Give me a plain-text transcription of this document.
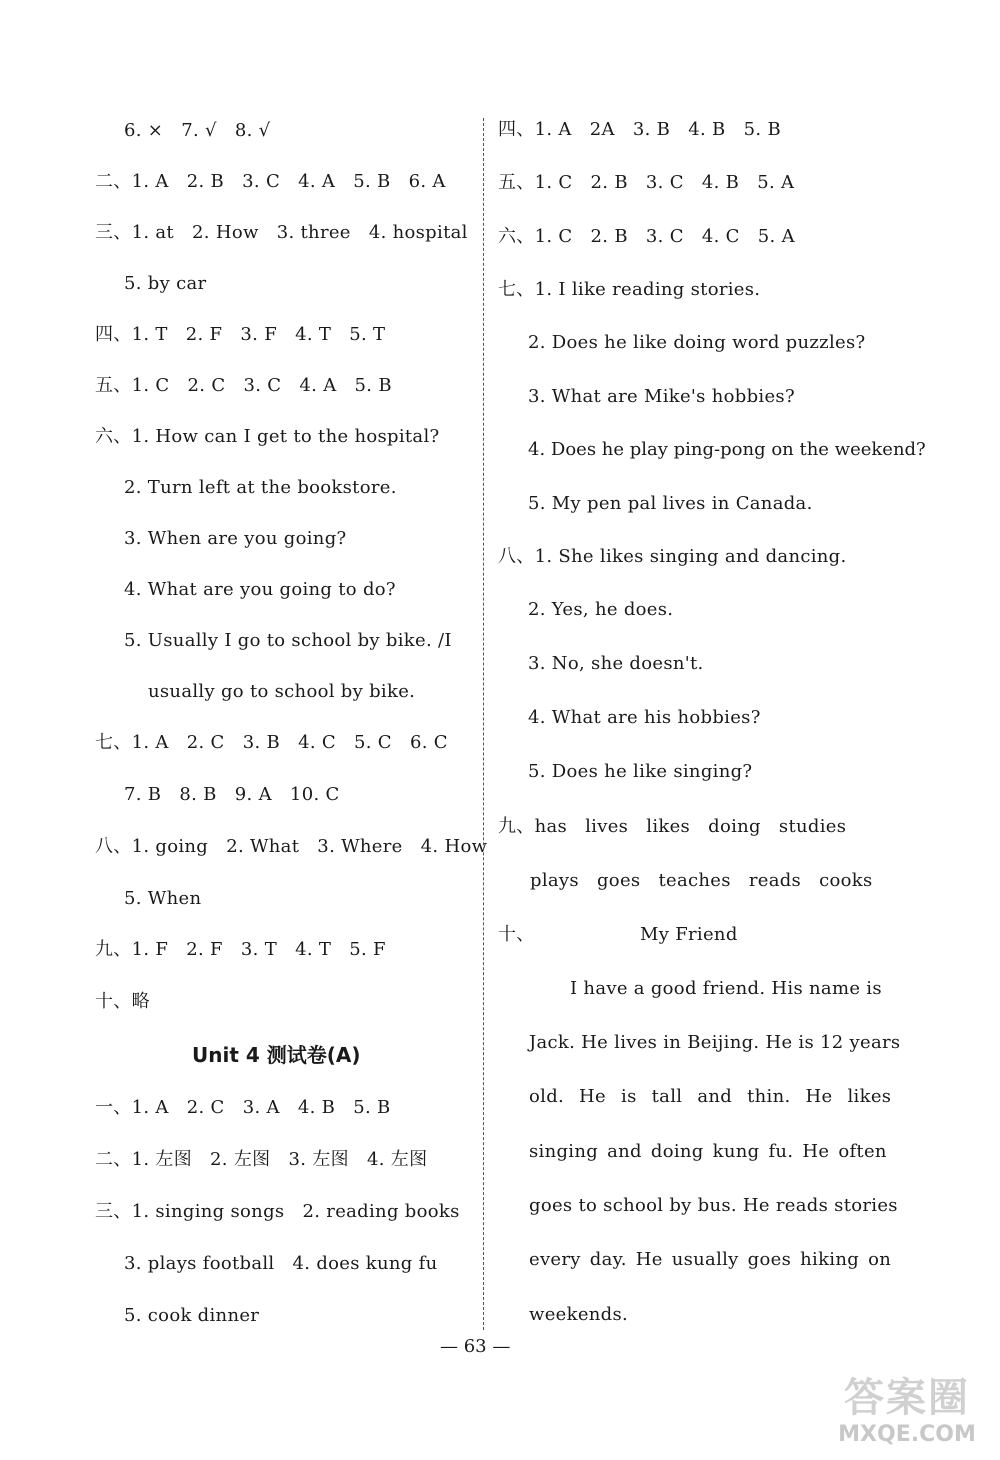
6. ×   7. √   8. √
二、1. A   2. B   3. C   4. A   5. B   6. A
三、1. at   2. How   3. three   4. hospital
5. by car
四、1. T   2. F   3. F   4. T   5. T
五、1. C   2. C   3. C   4. A   5. B
六、1. How can I get to the hospital?
2. Turn left at the bookstore.
3. When are you going?
4. What are you going to do?
5. Usually I go to school by bike. /I
usually go to school by bike.
七、1. A   2. C   3. B   4. C   5. C   6. C
7. B   8. B   9. A   10. C
八、1. going   2. What   3. Where   4. How
5. When
九、1. F   2. F   3. T   4. T   5. F
十、略
Unit 4 测试卷(A)
一、1. A   2. C   3. A   4. B   5. B
二、1. 左图   2. 左图   3. 左图   4. 左图
三、1. singing songs   2. reading books
3. plays football   4. does kung fu
5. cook dinner
四、1. A   2A   3. B   4. B   5. B
五、1. C   2. B   3. C   4. B   5. A
六、1. C   2. B   3. C   4. C   5. A
七、1. I like reading stories.
2. Does he like doing word puzzles?
3. What are Mike's hobbies?
4. Does he play ping-pong on the weekend?
5. My pen pal lives in Canada.
八、1. She likes singing and dancing.
2. Yes, he does.
3. No, she doesn't.
4. What are his hobbies?
5. Does he like singing?
九、has   lives   likes   doing   studies
plays   goes   teaches   reads   cooks
十、	My Friend
I have a good friend. His name is
Jack. He lives in Beijing. He is 12 years
old. He is tall and thin. He likes
singing and doing kung fu. He often
goes to school by bus. He reads stories
every day. He usually goes hiking on
weekends.
— 63 —
答案圈
MXQE.COM
